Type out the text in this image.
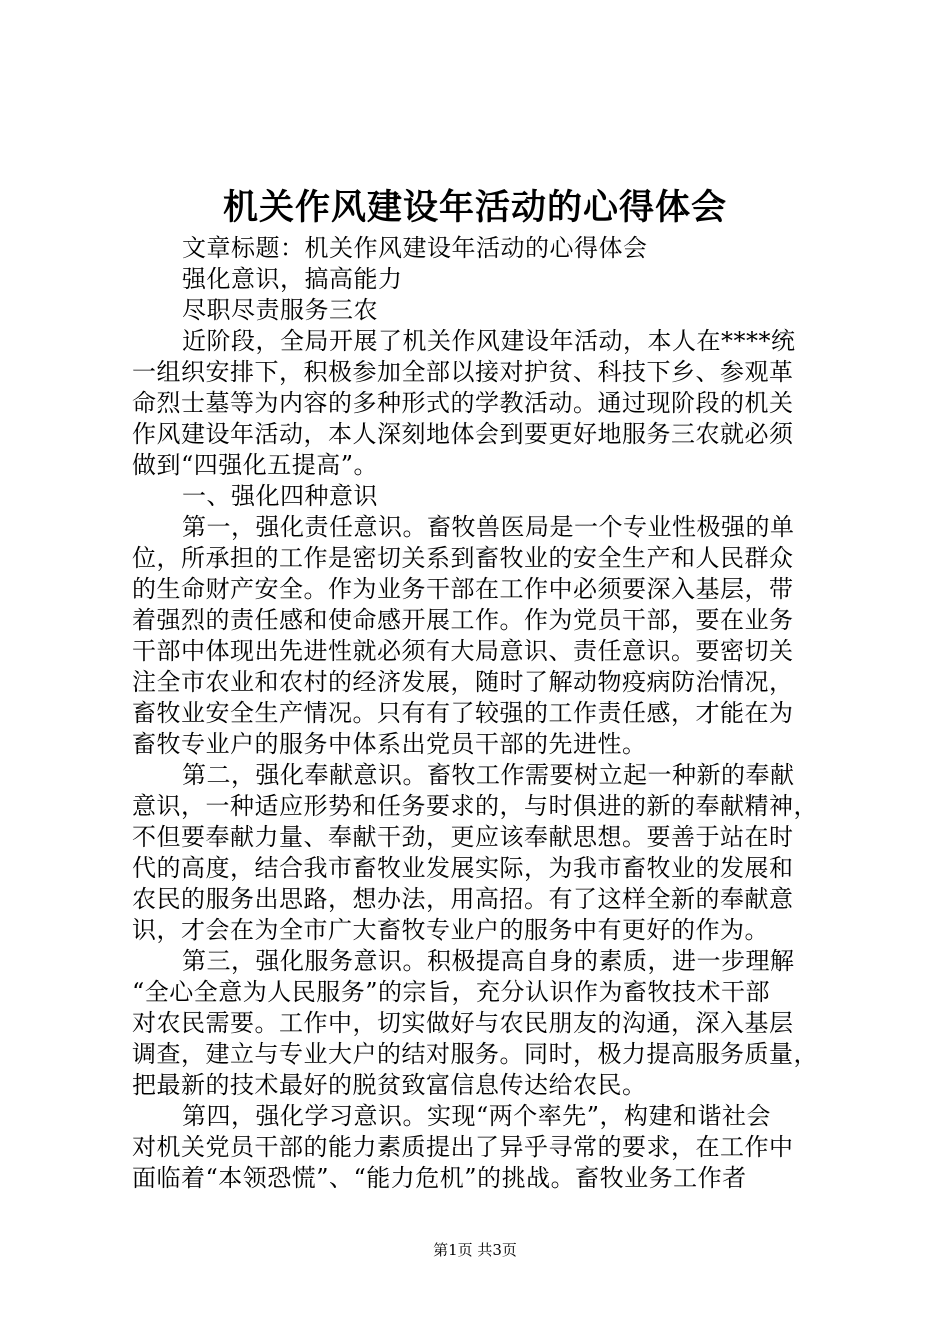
机关作风建设年活动的心得体会

文章标题：机关作风建设年活动的心得体会

强化意识，搞高能力

尽职尽责服务三农

近阶段，全局开展了机关作风建设年活动，本人在****统

一组织安排下，积极参加全部以接对护贫、科技下乡、参观革

命烈士墓等为内容的多种形式的学教活动。通过现阶段的机关

作风建设年活动，本人深刻地体会到要更好地服务三农就必须

做到“四强化五提高”。

一、强化四种意识

第一，强化责任意识。畜牧兽医局是一个专业性极强的单

位，所承担的工作是密切关系到畜牧业的安全生产和人民群众

的生命财产安全。作为业务干部在工作中必须要深入基层，带

着强烈的责任感和使命感开展工作。作为党员干部，要在业务

干部中体现出先进性就必须有大局意识、责任意识。要密切关

注全市农业和农村的经济发展，随时了解动物疫病防治情况，

畜牧业安全生产情况。只有有了较强的工作责任感，才能在为

畜牧专业户的服务中体系出党员干部的先进性。

第二，强化奉献意识。畜牧工作需要树立起一种新的奉献

意识，一种适应形势和任务要求的，与时俱进的新的奉献精神，

不但要奉献力量、奉献干劲，更应该奉献思想。要善于站在时

代的高度，结合我市畜牧业发展实际，为我市畜牧业的发展和

农民的服务出思路，想办法，用高招。有了这样全新的奉献意

识，才会在为全市广大畜牧专业户的服务中有更好的作为。

第三，强化服务意识。积极提高自身的素质，进一步理解

“全心全意为人民服务”的宗旨，充分认识作为畜牧技术干部

对农民需要。工作中，切实做好与农民朋友的沟通，深入基层

调查，建立与专业大户的结对服务。同时，极力提高服务质量，

把最新的技术最好的脱贫致富信息传达给农民。

第四，强化学习意识。实现“两个率先”，构建和谐社会

对机关党员干部的能力素质提出了异乎寻常的要求，在工作中

面临着“本领恐慌”、“能力危机”的挑战。畜牧业务工作者

第1页 共3页
